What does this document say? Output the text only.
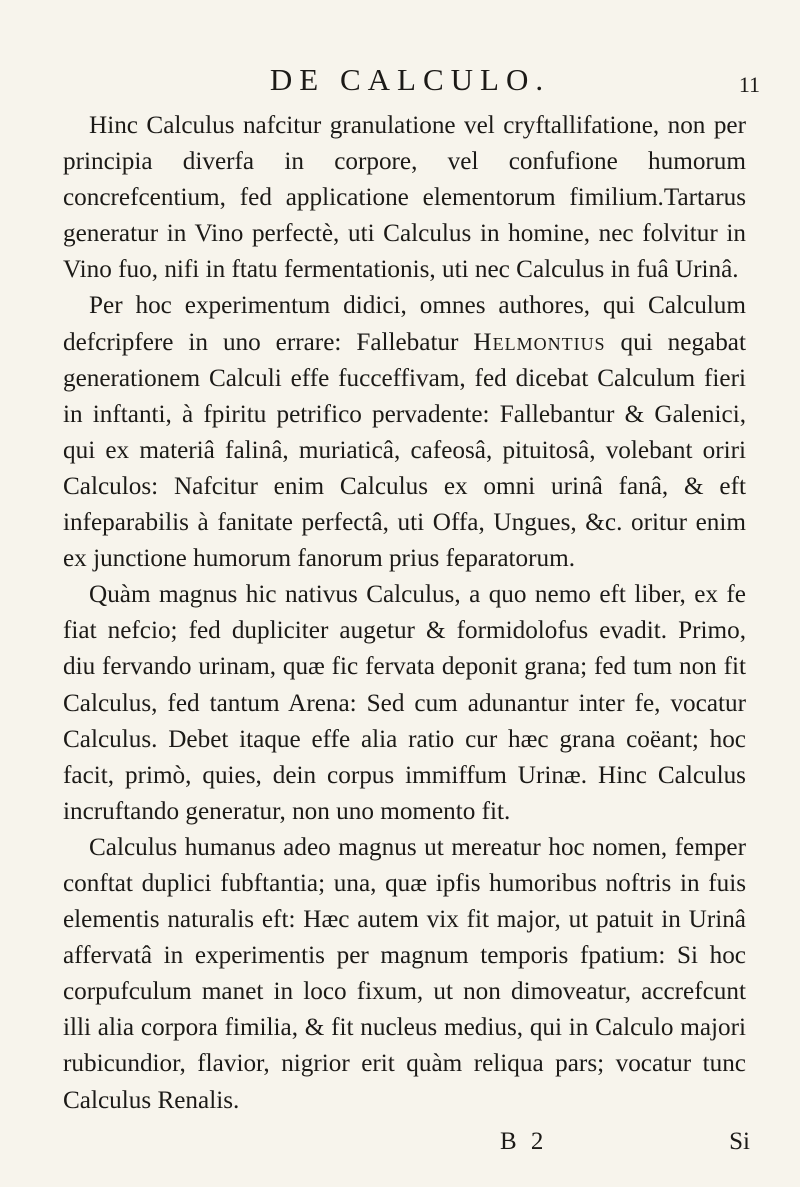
DE CALCULO.	11

Hinc Calculus nafcitur granulatione vel cryftallifatione, non per principia diverfa in corpore, vel confufione humorum concrefcentium, fed applicatione elementorum fimilium.Tartarus generatur in Vino perfectè, uti Calculus in homine, nec folvitur in Vino fuo, nifi in ftatu fermentationis, uti nec Calculus in fuâ Urinâ.

Per hoc experimentum didici, omnes authores, qui Calculum defcripfere in uno errare: Fallebatur Helmontius qui negabat generationem Calculi effe fucceffivam, fed dicebat Calculum fieri in inftanti, à fpiritu petrifico pervadente: Fallebantur & Galenici, qui ex materiâ falinâ, muriaticâ, cafeosâ, pituitosâ, volebant oriri Calculos: Nafcitur enim Calculus ex omni urinâ fanâ, & eft infeparabilis à fanitate perfectâ, uti Offa, Ungues, &c. oritur enim ex junctione humorum fanorum prius feparatorum.

Quàm magnus hic nativus Calculus, a quo nemo eft liber, ex fe fiat nefcio; fed dupliciter augetur & formidolofus evadit. Primo, diu fervando urinam, quæ fic fervata deponit grana; fed tum non fit Calculus, fed tantum Arena: Sed cum adunantur inter fe, vocatur Calculus. Debet itaque effe alia ratio cur hæc grana coëant; hoc facit, primò, quies, dein corpus immiffum Urinæ. Hinc Calculus incruftando generatur, non uno momento fit.

Calculus humanus adeo magnus ut mereatur hoc nomen, femper conftat duplici fubftantia; una, quæ ipfis humoribus noftris in fuis elementis naturalis eft: Hæc autem vix fit major, ut patuit in Urinâ affervatâ in experimentis per magnum temporis fpatium: Si hoc corpufculum manet in loco fixum, ut non dimoveatur, accrefcunt illi alia corpora fimilia, & fit nucleus medius, qui in Calculo majori rubicundior, flavior, nigrior erit quàm reliqua pars; vocatur tunc Calculus Renalis.

B 2	Si
